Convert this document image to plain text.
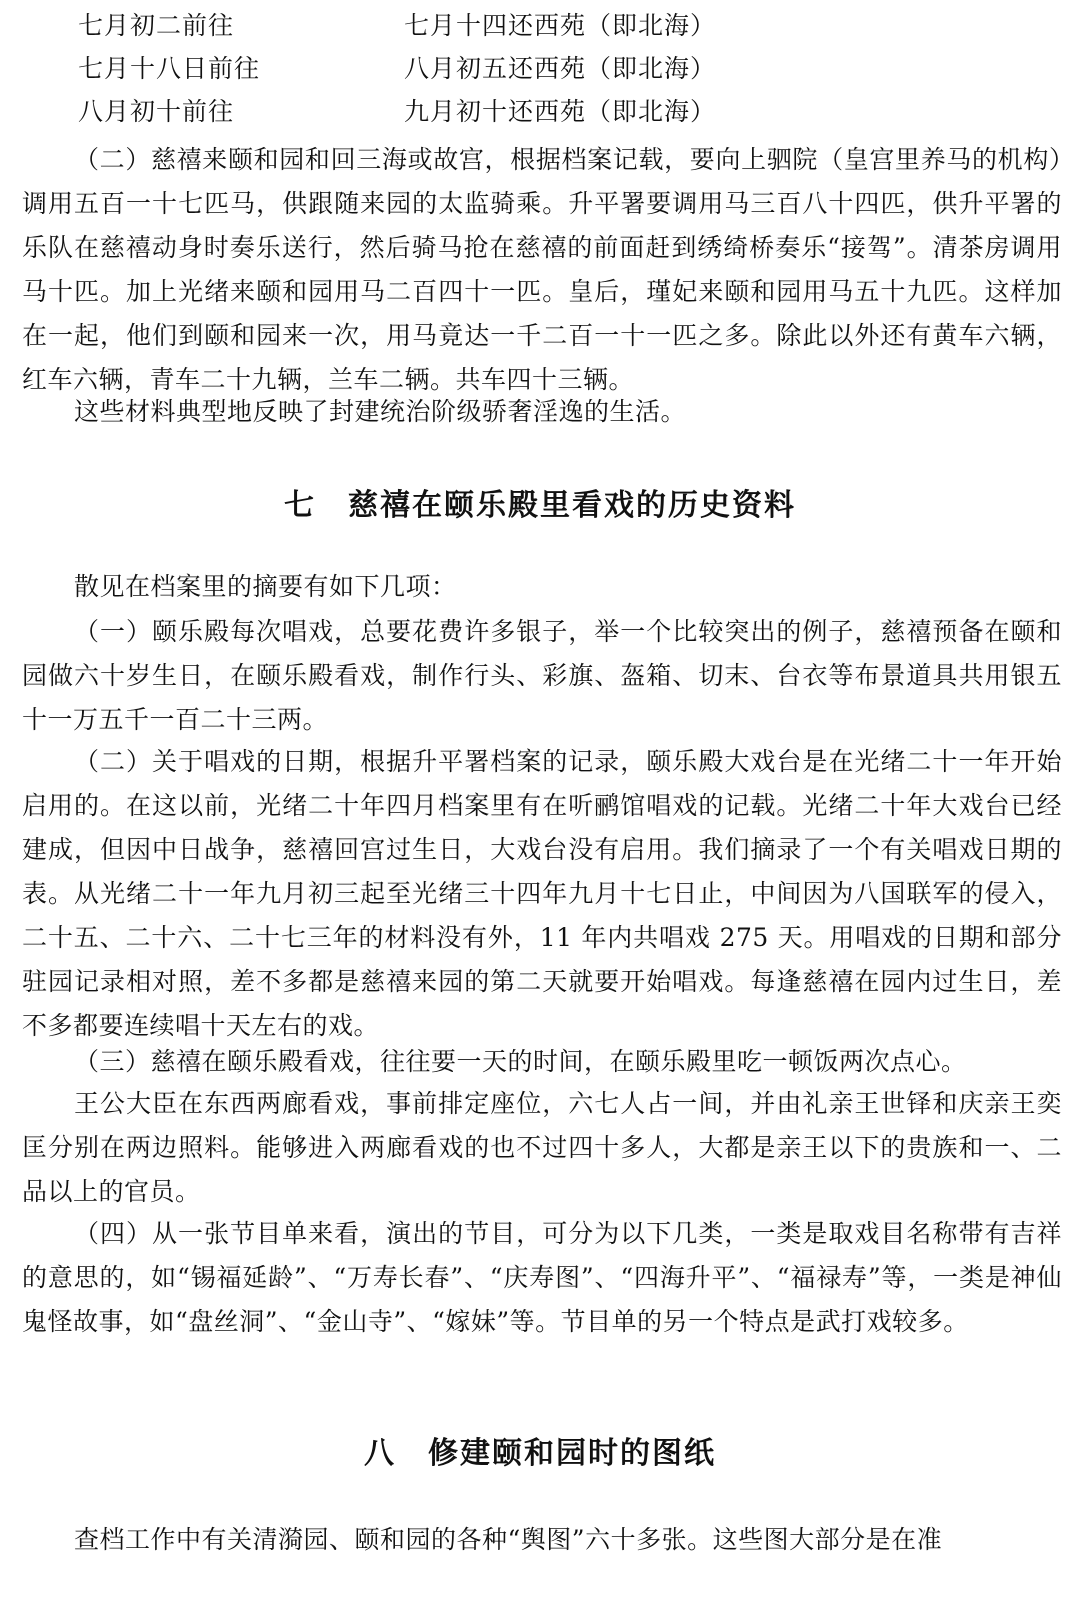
七月初二前往	七月十四还西苑（即北海）
七月十八日前往	八月初五还西苑（即北海）
八月初十前往	九月初十还西苑（即北海）

（二）慈禧来颐和园和回三海或故宫，根据档案记载，要向上驷院（皇宫里养马的机构）调用五百一十七匹马，供跟随来园的太监骑乘。升平署要调用马三百八十四匹，供升平署的乐队在慈禧动身时奏乐送行，然后骑马抢在慈禧的前面赶到绣绮桥奏乐“接驾”。清茶房调用马十匹。加上光绪来颐和园用马二百四十一匹。皇后，瑾妃来颐和园用马五十九匹。这样加在一起，他们到颐和园来一次，用马竟达一千二百一十一匹之多。除此以外还有黄车六辆，红车六辆，青车二十九辆，兰车二辆。共车四十三辆。

这些材料典型地反映了封建统治阶级骄奢淫逸的生活。

七　慈禧在颐乐殿里看戏的历史资料

散见在档案里的摘要有如下几项：

（一）颐乐殿每次唱戏，总要花费许多银子，举一个比较突出的例子，慈禧预备在颐和园做六十岁生日，在颐乐殿看戏，制作行头、彩旗、盔箱、切末、台衣等布景道具共用银五十一万五千一百二十三两。

（二）关于唱戏的日期，根据升平署档案的记录，颐乐殿大戏台是在光绪二十一年开始启用的。在这以前，光绪二十年四月档案里有在听鹂馆唱戏的记载。光绪二十年大戏台已经建成，但因中日战争，慈禧回宫过生日，大戏台没有启用。我们摘录了一个有关唱戏日期的表。从光绪二十一年九月初三起至光绪三十四年九月十七日止，中间因为八国联军的侵入，二十五、二十六、二十七三年的材料没有外，11 年内共唱戏 275 天。用唱戏的日期和部分驻园记录相对照，差不多都是慈禧来园的第二天就要开始唱戏。每逢慈禧在园内过生日，差不多都要连续唱十天左右的戏。

（三）慈禧在颐乐殿看戏，往往要一天的时间，在颐乐殿里吃一顿饭两次点心。

王公大臣在东西两廊看戏，事前排定座位，六七人占一间，并由礼亲王世铎和庆亲王奕匡分别在两边照料。能够进入两廊看戏的也不过四十多人，大都是亲王以下的贵族和一、二品以上的官员。

（四）从一张节目单来看，演出的节目，可分为以下几类，一类是取戏目名称带有吉祥的意思的，如“锡福延龄”、“万寿长春”、“庆寿图”、“四海升平”、“福禄寿”等，一类是神仙鬼怪故事，如“盘丝洞”、“金山寺”、“嫁妹”等。节目单的另一个特点是武打戏较多。

八　修建颐和园时的图纸

查档工作中有关清漪园、颐和园的各种“舆图”六十多张。这些图大部分是在准
